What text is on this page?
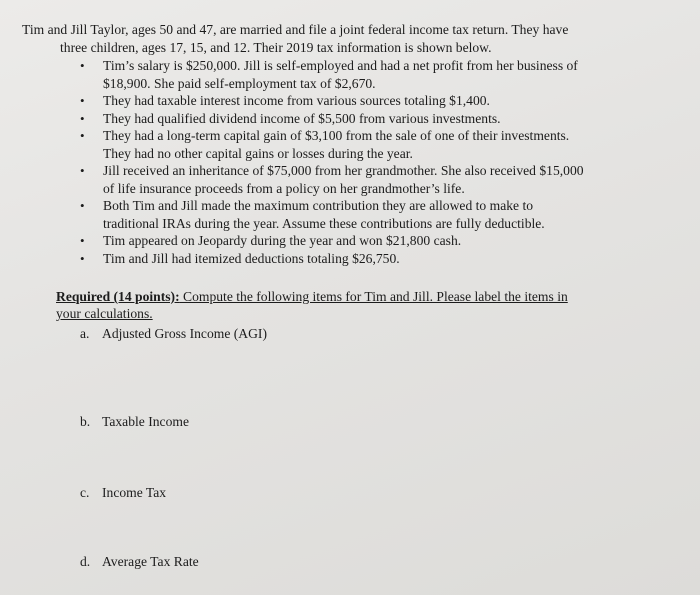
Tim and Jill Taylor, ages 50 and 47, are married and file a joint federal income tax return. They have
three children, ages 17, 15, and 12. Their 2019 tax information is shown below.
• Tim’s salary is $250,000. Jill is self-employed and had a net profit from her business of
$18,900. She paid self-employment tax of $2,670.
• They had taxable interest income from various sources totaling $1,400.
• They had qualified dividend income of $5,500 from various investments.
• They had a long-term capital gain of $3,100 from the sale of one of their investments.
They had no other capital gains or losses during the year.
• Jill received an inheritance of $75,000 from her grandmother. She also received $15,000
of life insurance proceeds from a policy on her grandmother’s life.
• Both Tim and Jill made the maximum contribution they are allowed to make to
traditional IRAs during the year. Assume these contributions are fully deductible.
• Tim appeared on Jeopardy during the year and won $21,800 cash.
• Tim and Jill had itemized deductions totaling $26,750.
Required (14 points): Compute the following items for Tim and Jill. Please label the items in
your calculations.
a. Adjusted Gross Income (AGI)
b. Taxable Income
c. Income Tax
d. Average Tax Rate
